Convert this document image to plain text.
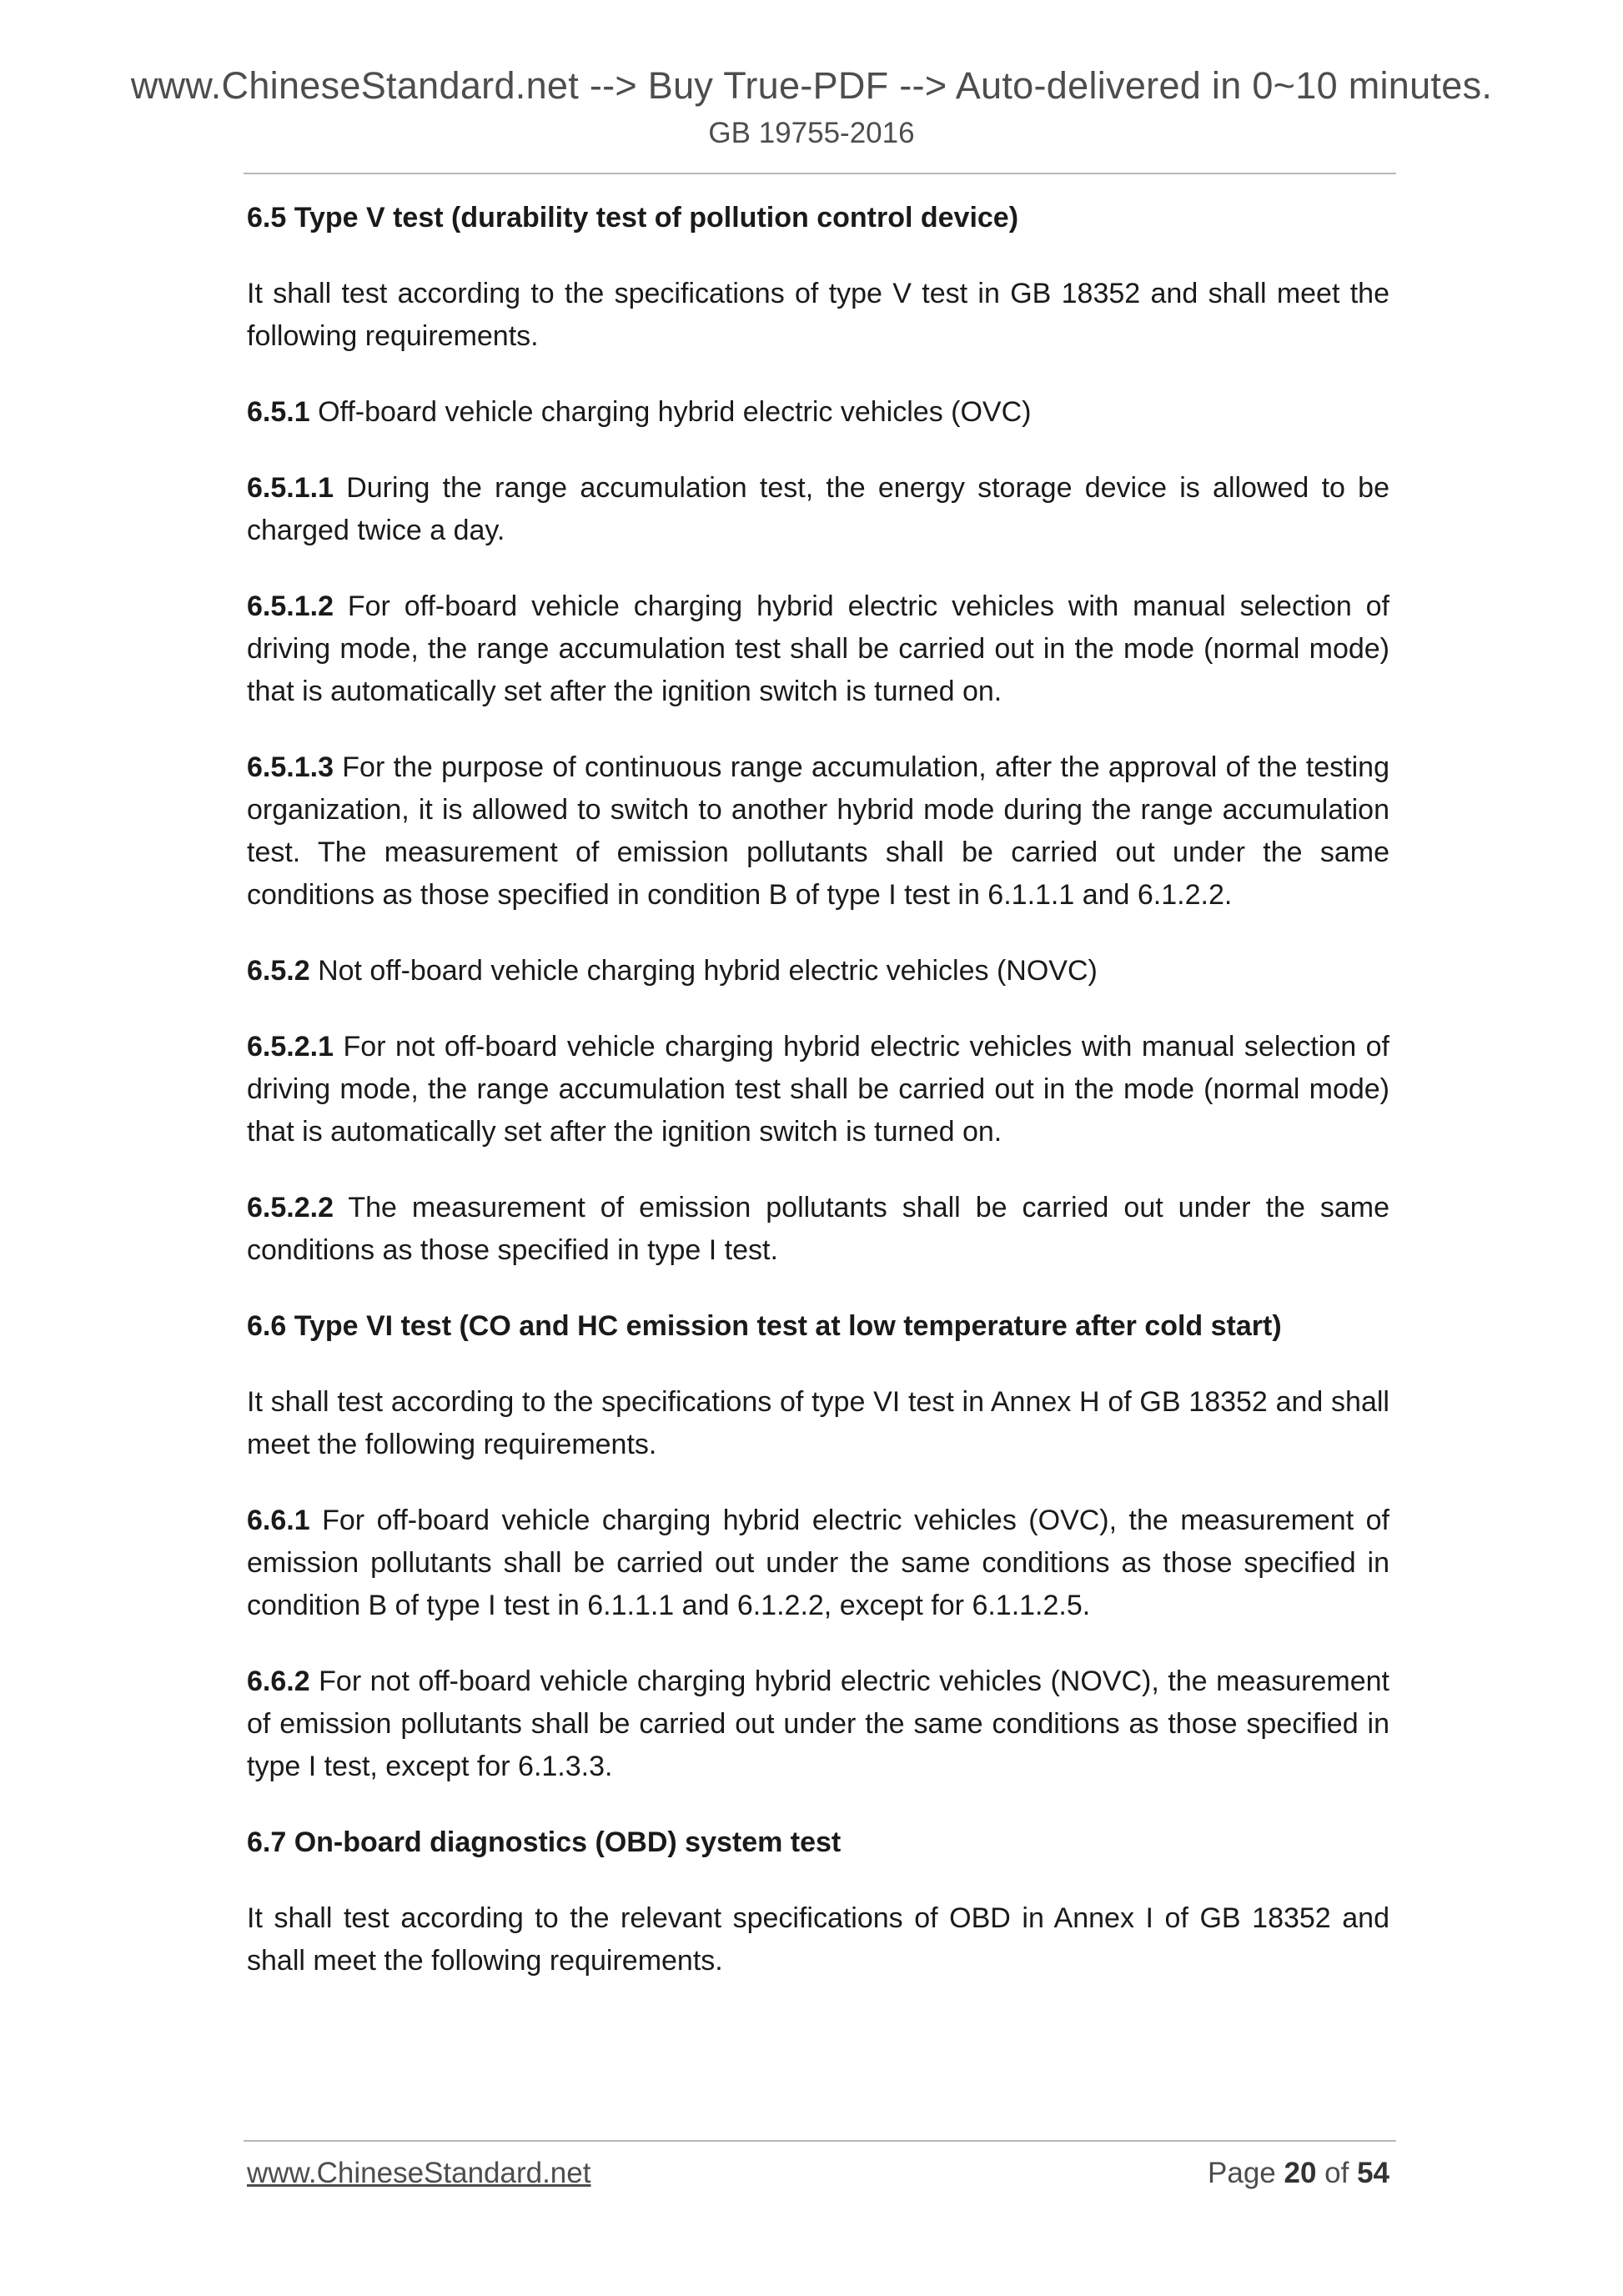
www.ChineseStandard.net --> Buy True-PDF --> Auto-delivered in 0~10 minutes.
GB 19755-2016

6.5 Type V test (durability test of pollution control device)

It shall test according to the specifications of type V test in GB 18352 and shall meet the following requirements.

6.5.1 Off-board vehicle charging hybrid electric vehicles (OVC)

6.5.1.1 During the range accumulation test, the energy storage device is allowed to be charged twice a day.

6.5.1.2 For off-board vehicle charging hybrid electric vehicles with manual selection of driving mode, the range accumulation test shall be carried out in the mode (normal mode) that is automatically set after the ignition switch is turned on.

6.5.1.3 For the purpose of continuous range accumulation, after the approval of the testing organization, it is allowed to switch to another hybrid mode during the range accumulation test. The measurement of emission pollutants shall be carried out under the same conditions as those specified in condition B of type I test in 6.1.1.1 and 6.1.2.2.

6.5.2 Not off-board vehicle charging hybrid electric vehicles (NOVC)

6.5.2.1 For not off-board vehicle charging hybrid electric vehicles with manual selection of driving mode, the range accumulation test shall be carried out in the mode (normal mode) that is automatically set after the ignition switch is turned on.

6.5.2.2 The measurement of emission pollutants shall be carried out under the same conditions as those specified in type I test.

6.6 Type VI test (CO and HC emission test at low temperature after cold start)

It shall test according to the specifications of type VI test in Annex H of GB 18352 and shall meet the following requirements.

6.6.1 For off-board vehicle charging hybrid electric vehicles (OVC), the measurement of emission pollutants shall be carried out under the same conditions as those specified in condition B of type I test in 6.1.1.1 and 6.1.2.2, except for 6.1.1.2.5.

6.6.2 For not off-board vehicle charging hybrid electric vehicles (NOVC), the measurement of emission pollutants shall be carried out under the same conditions as those specified in type I test, except for 6.1.3.3.

6.7 On-board diagnostics (OBD) system test

It shall test according to the relevant specifications of OBD in Annex I of GB 18352 and shall meet the following requirements.

www.ChineseStandard.net	Page 20 of 54
